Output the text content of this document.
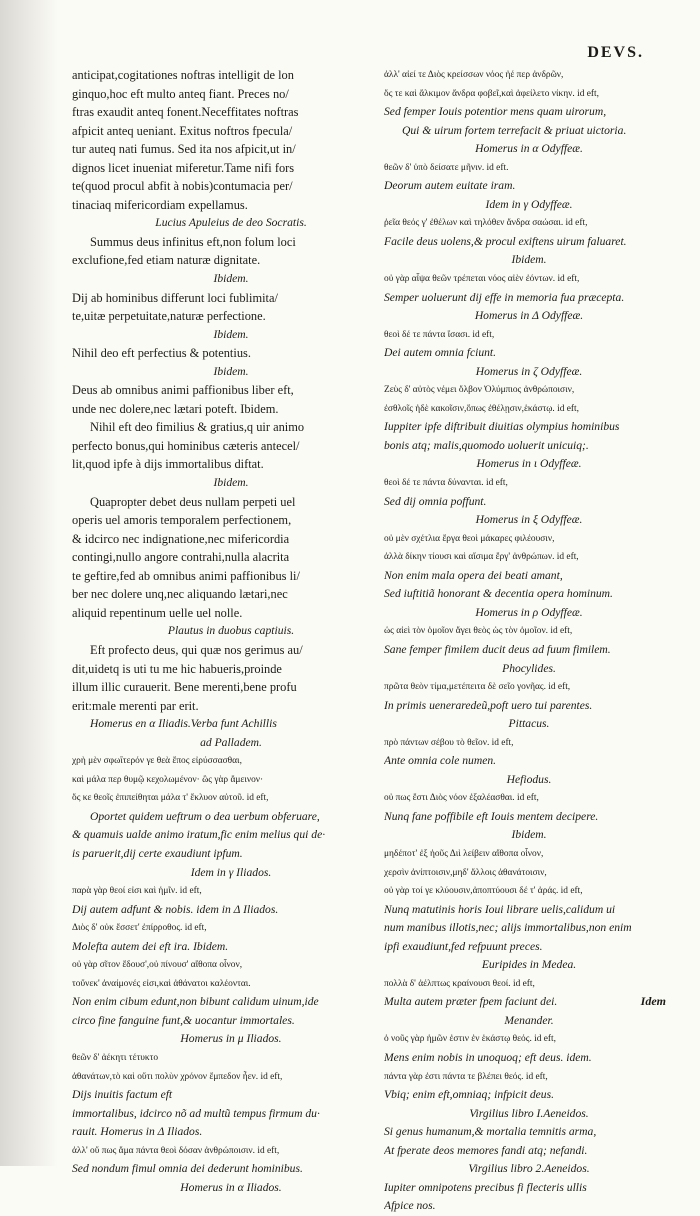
DEVS.
anticipat,cogitationes noftras intelligit de lon
ginquo,hoc eft multo anteq fiant. Preces no/
ftras exaudit anteq fonent.Neceffitates noftras
afpicit anteq ueniant. Exitus noftros fpecula/
tur auteq nati fumus. Sed ita nos afpicit,ut in/
dignos licet inueniat miferetur.Tame nifi fors
te(quod procul abfit à nobis)contumacia per/
tinaciaq mifericordiam expellamus.
Lucius Apuleius de deo Socratis.
Summus deus infinitus eft,non folum loci
exclufione,fed etiam naturæ dignitate.
Ibidem.
Dij ab hominibus differunt loci fublimita/
te,uitæ perpetuitate,naturæ perfectione.
Ibidem.
Nihil deo eft perfectius & potentius.
Ibidem.
Deus ab omnibus animi paffionibus liber eft,
unde nec dolere,nec lætari poteft. Ibidem.
Nihil eft deo fimilius & gratius,q uir animo
perfecto bonus,qui hominibus cæteris antecel/
lit,quod ipfe à dijs immortalibus diftat.
Ibidem.
Quapropter debet deus nullam perpeti uel
operis uel amoris temporalem perfectionem,
& idcirco nec indignatione,nec mifericordia
contingi,nullo angore contrahi,nulla alacrita
te geftire,fed ab omnibus animi paffionibus li/
ber nec dolere unq,nec aliquando lætari,nec
aliquid repentinum uelle uel nolle.
Plautus in duobus captiuis.
Eft profecto deus, qui quæ nos gerimus au/
dit,uidetq is uti tu me hic habueris,proinde
illum illic curauerit. Bene merenti,bene profu
erit:male merenti par erit.
Homerus en α Iliadis.Verba funt Achillis
ad Palladem.
χρὴ μὲν σφωΐτερόν γε θεὰ ἔπος εἰρύσσασθαι,
καὶ μάλα περ θυμῷ κεχολωμένον· ὣς γὰρ ἄμεινον·
ὅς κε θεοῖς ἐπιπείθηται μάλα τ' ἔκλυον αὐτοῦ. id eft,
Oportet quidem ueftrum o dea uerbum obferuare,
& quamuis ualde animo iratum,fic enim melius qui de·
is paruerit,dij certe exaudiunt ipfum.
Idem in γ Iliados.
παρὰ γὰρ θεοί εἰσι καὶ ἡμῖν. id eft,
Dij autem adfunt & nobis. idem in Δ Iliados.
Διὸς δ' οὐκ ἔσσετ' ἐπίρροθος. id eft,
Molefta autem dei eft ira. Ibidem.
οὐ γὰρ σῖτον ἔδουσ',οὐ πίνουσ' αἴθοπα οἶνον,
τοὔνεκ' ἀναίμονές εἰσι,καὶ ἀθάνατοι καλέονται.
Non enim cibum edunt,non bibunt calidum uinum,ide
circo fine fanguine funt,& uocantur immortales.
Homerus in μ Iliados.
θεῶν δ' ἀέκητι τέτυκτο
ἀθανάτων,τὸ καὶ οὔτι πολὺν χρόνον ἔμπεδον ἦεν. id eft,
Dijs inuitis factum eft
immortalibus, idcirco nõ ad multũ tempus firmum du·
rauit. Homerus in Δ Iliados.
ἀλλ' οὔ πως ἅμα πάντα θεοὶ δόσαν ἀνθρώποισιν. id eft,
Sed nondum fimul omnia dei dederunt hominibus.
Homerus in α Iliados.
ἀλλ' αἰεί τε Διὸς κρείσσων νόος ἠέ περ ἀνδρῶν,
ὅς τε καὶ ἄλκιμον ἄνδρα φοβεῖ,καὶ ἀφείλετο νίκην. id eft,
Sed femper Iouis potentior mens quam uirorum,
Qui & uirum fortem terrefacit & priuat uictoria.
Homerus in α Odyffeæ.
θεῶν δ' ὑπὸ δείσατε μῆνιν. id eft.
Deorum autem euitate iram.
Idem in γ Odyffeæ.
ῥεῖα θεός γ' ἐθέλων καὶ τηλόθεν ἄνδρα σαώσαι. id eft,
Facile deus uolens,& procul exiftens uirum faluaret.
Ibidem.
οὐ γὰρ αἶψα θεῶν τρέπεται νόος αἰὲν ἐόντων. id eft,
Semper uoluerunt dij effe in memoria fua præcepta.
Homerus in Δ Odyffeæ.
θεοὶ δέ τε πάντα ἴσασι. id eft,
Dei autem omnia fciunt.
Homerus in ζ Odyffeæ.
Ζεὺς δ' αὐτὸς νέμει ὄλβον Ὀλύμπιος ἀνθρώποισιν,
ἐσθλοῖς ἠδὲ κακοῖσιν,ὅπως ἐθέλῃσιν,ἑκάστῳ. id eft,
Iuppiter ipfe diftribuit diuitias olympius hominibus
bonis atq; malis,quomodo uoluerit unicuiq;.
Homerus in ι Odyffeæ.
θεοὶ δέ τε πάντα δύνανται. id eft,
Sed dij omnia poffunt.
Homerus in ξ Odyffeæ.
οὐ μὲν σχέτλια ἔργα θεοὶ μάκαρες φιλέουσιν,
ἀλλὰ δίκην τίουσι καὶ αἴσιμα ἔργ' ἀνθρώπων. id eft,
Non enim mala opera dei beati amant,
Sed iuftitiã honorant & decentia opera hominum.
Homerus in ρ Odyffeæ.
ὡς αἰεὶ τὸν ὁμοῖον ἄγει θεὸς ὡς τὸν ὁμοῖον. id eft,
Sane femper fimilem ducit deus ad fuum fimilem.
Phocylides.
πρῶτα θεὸν τίμα,μετέπειτα δὲ σεῖο γονῆας. id eft,
In primis ueneraredeũ,poft uero tui parentes.
Pittacus.
πρὸ πάντων σέβου τὸ θεῖον. id eft,
Ante omnia cole numen.
Hefiodus.
οὐ πως ἔστι Διὸς νόον ἐξαλέασθαι. id eft,
Nunq fane poffibile eft Iouis mentem decipere.
Ibidem.
μηδέποτ' ἐξ ἠοῦς Διὶ λείβειν αἴθοπα οἶνον,
χερσὶν ἀνίπτοισιν,μηδ' ἄλλοις ἀθανάτοισιν,
οὐ γὰρ τοί γε κλύουσιν,ἀποπτύουσι δέ τ' ἀράς. id eft,
Nunq matutinis horis Ioui librare uelis,calidum ui
num manibus illotis,nec; alijs immortalibus,non enim
ipfi exaudiunt,fed refpuunt preces.
Euripides in Medea.
πολλὰ δ' ἀέλπτως κραίνουσι θεοί. id eft,
Multa autem præter fpem faciunt dei.
Menander.
ὁ νοῦς γὰρ ἡμῶν ἐστιν ἐν ἑκάστῳ θεός. id eft,
Mens enim nobis in unoquoq; eft deus. idem.
πάντα γὰρ ἐστι πάντα τε βλέπει θεός. id eft,
Vbiq; enim eft,omniaq; infpicit deus.
Virgilius libro I.Aeneidos.
Si genus humanum,& mortalia temnitis arma,
At fperate deos memores fandi atq; nefandi.
Virgilius libro 2.Aeneidos.
Iupiter omnipotens precibus fi flecteris ullis
Afpice nos.
Idem
